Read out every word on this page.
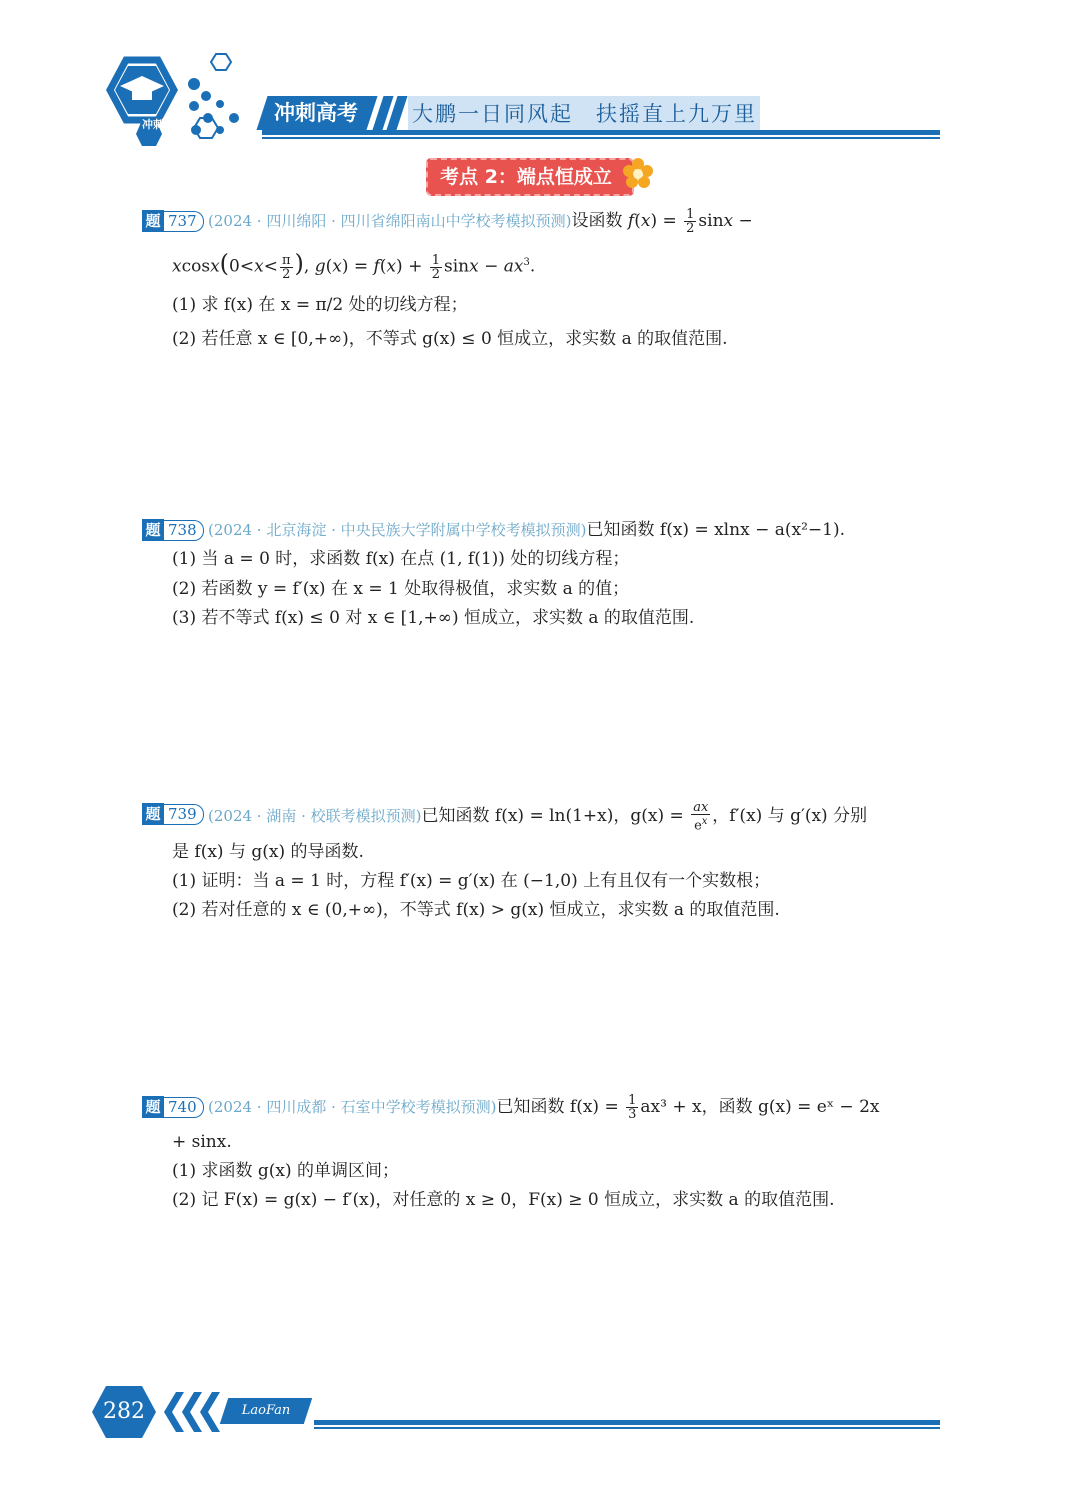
冲刺	冲刺高考	大鹏一日同风起　扶摇直上九万里
考点 2：端点恒成立
题 737 (2024 · 四川绵阳 · 四川省绵阳南山中学校考模拟预测)设函数 $f(x) = \frac{1}{2}$ sinx −
$xcosx(0<x< \frac{\pi}{2}$ ), $g(x) = f(x) + \frac{1}{2}$ $\sin x - ax^3$.
(1) 求 f(x) 在 x = π/2 处的切线方程；
(2) 若任意 x ∈ [0,+∞)，不等式 g(x) ≤ 0 恒成立，求实数 a 的取值范围.
题 738 (2024 · 北京海淀 · 中央民族大学附属中学校考模拟预测)已知函数 f(x) = xlnx − a(x²−1).
(1) 当 a = 0 时，求函数 f(x) 在点 (1, f(1)) 处的切线方程；
(2) 若函数 y = f′(x) 在 x = 1 处取得极值，求实数 a 的值；
(3) 若不等式 f(x) ≤ 0 对 x ∈ [1,+∞) 恒成立，求实数 a 的取值范围.
题 739 (2024 · 湖南 · 校联考模拟预测)已知函数 f(x) = ln(1+x)，$g(x) = \frac{ax}{e^x}$ ，f′(x) 与 g′(x) 分别
是 f(x) 与 g(x) 的导函数.
(1) 证明：当 a = 1 时，方程 f′(x) = g′(x) 在 (−1,0) 上有且仅有一个实数根；
(2) 若对任意的 x ∈ (0,+∞)，不等式 f(x) > g(x) 恒成立，求实数 a 的取值范围.
题 740 (2024 · 四川成都 · 石室中学校考模拟预测)已知函数 $f(x) = \frac{1}{3} ax^3 + x$，函数 g(x) = eˣ − 2x
+ sinx.
(1) 求函数 g(x) 的单调区间；
(2) 记 F(x) = g(x) − f′(x)，对任意的 x ≥ 0，F(x) ≥ 0 恒成立，求实数 a 的取值范围.
282	LaoFan
